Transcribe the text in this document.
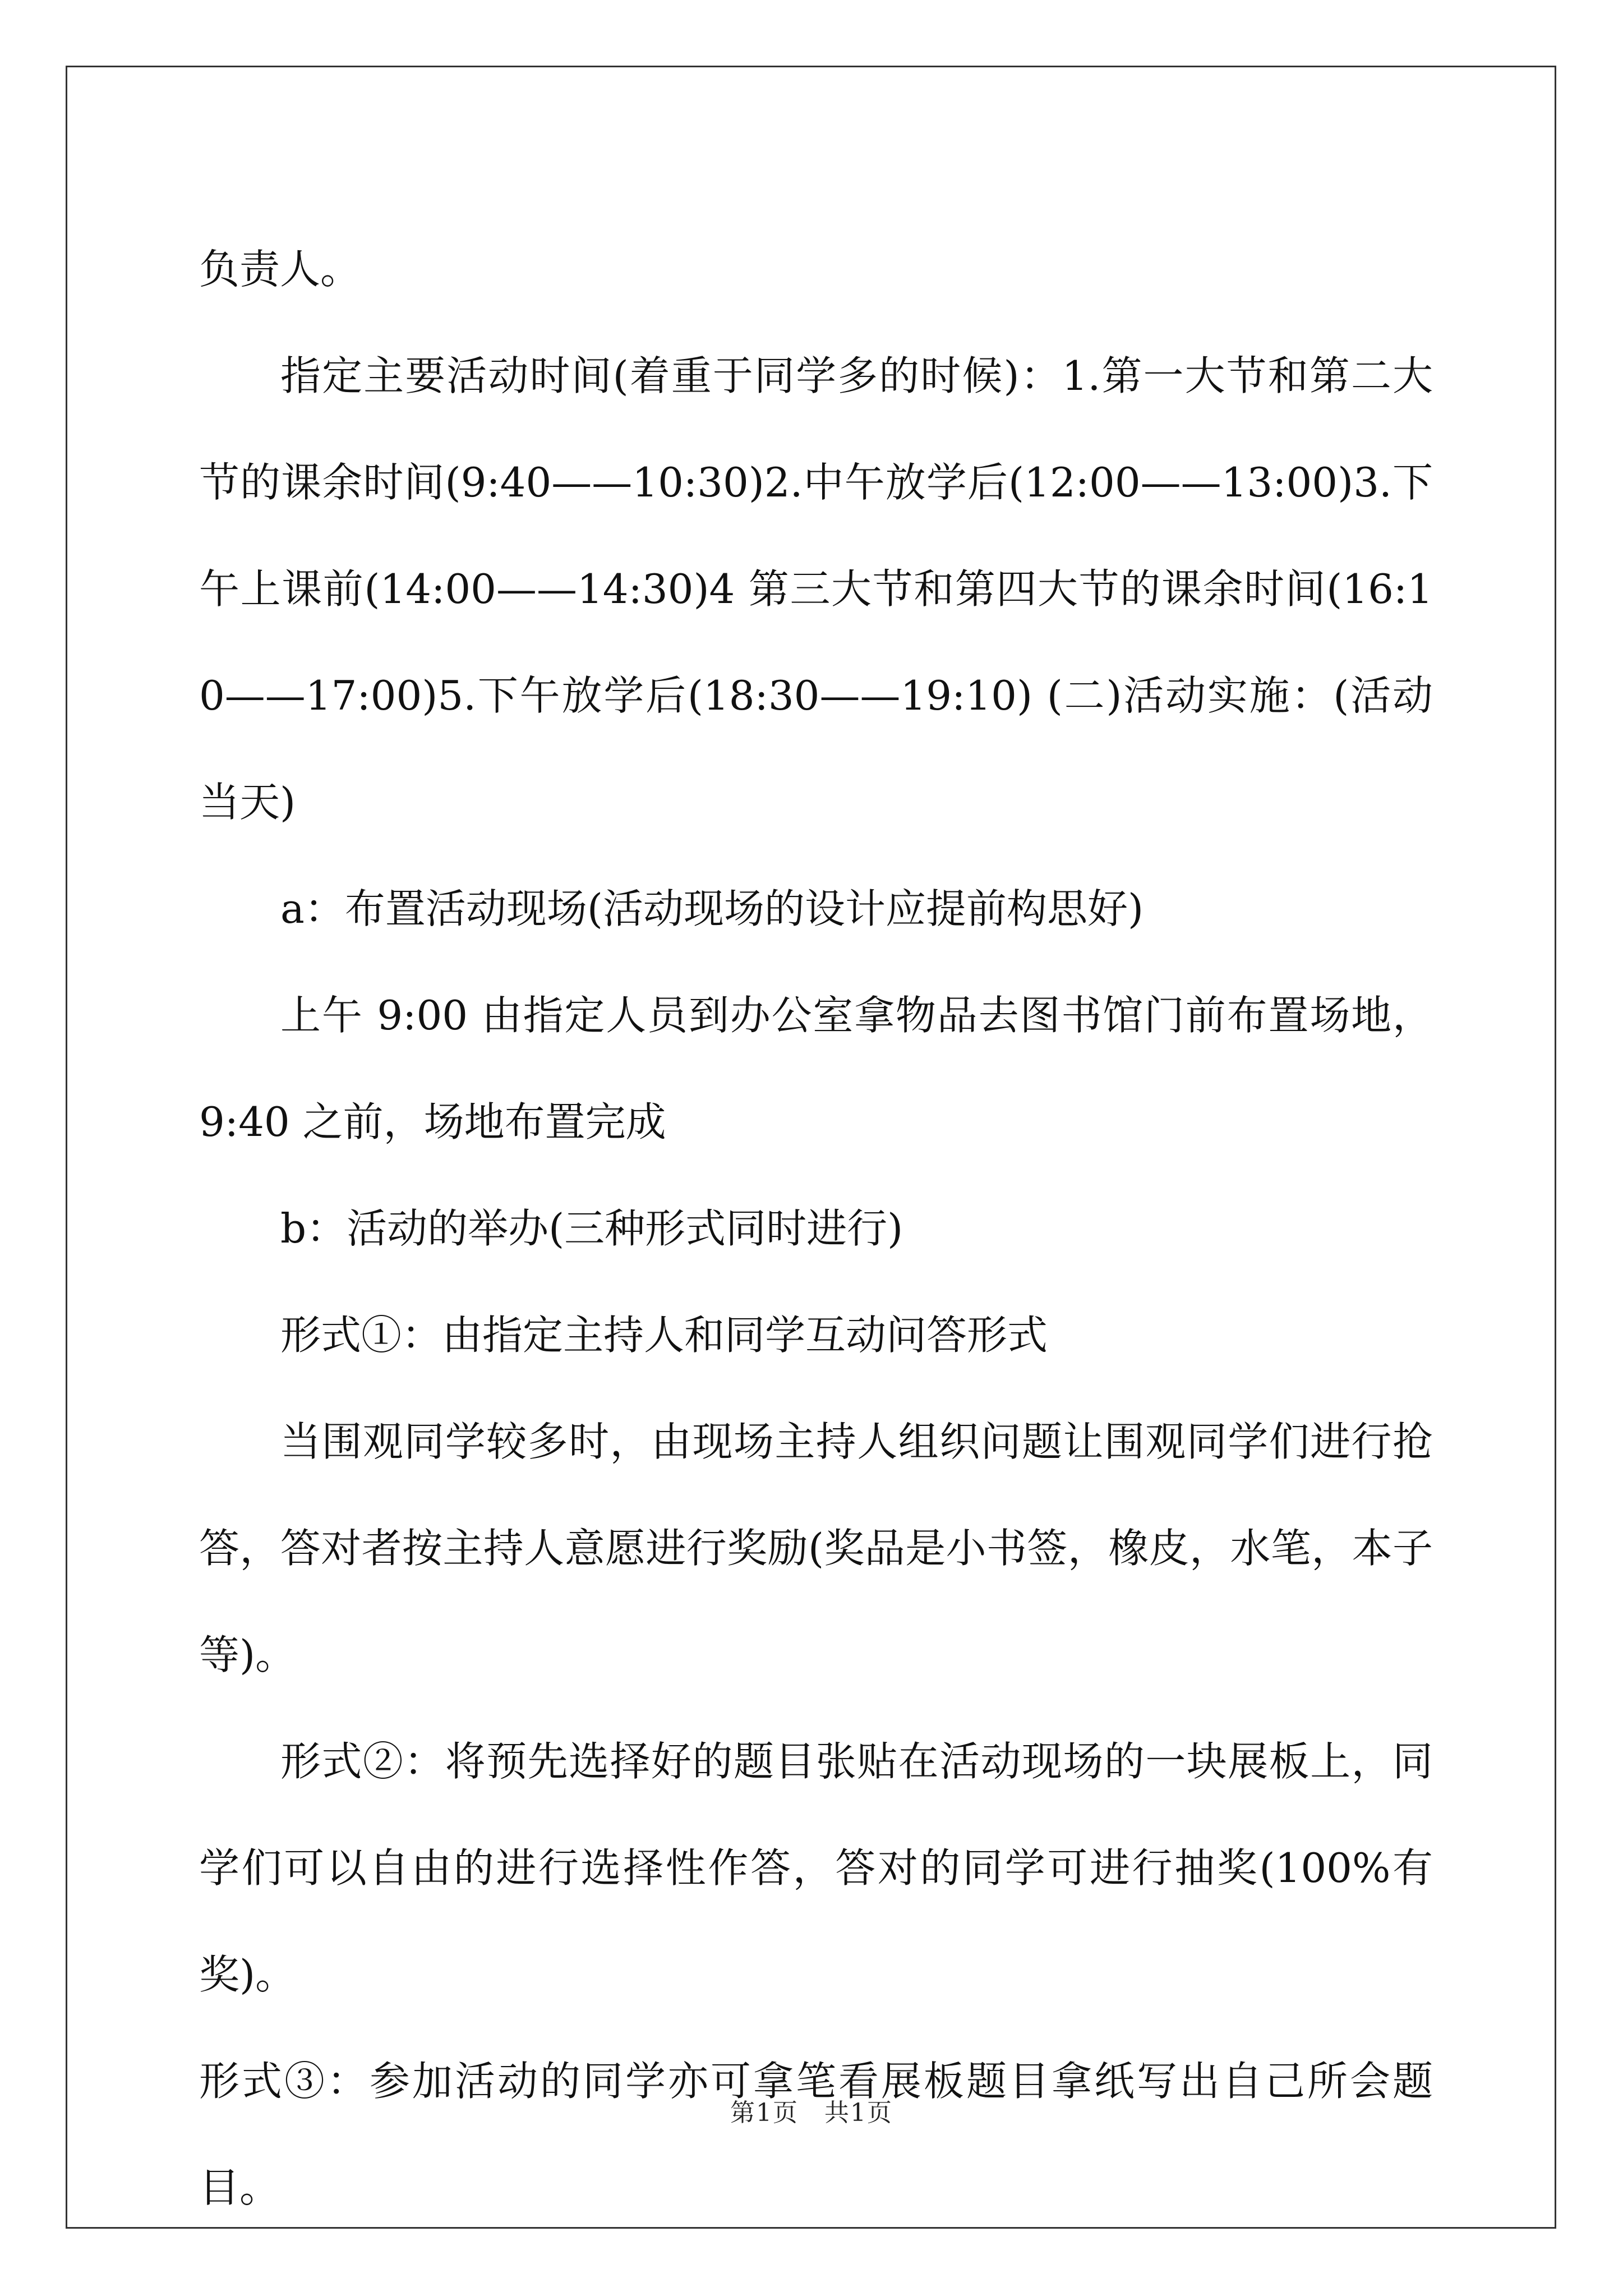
负责人。

指定主要活动时间(着重于同学多的时候)：1.第一大节和第二大节的课余时间(9:40——10:30)2.中午放学后(12:00——13:00)3.下午上课前(14:00——14:30)4 第三大节和第四大节的课余时间(16:10——17:00)5.下午放学后(18:30——19:10) (二)活动实施：(活动当天)

a：布置活动现场(活动现场的设计应提前构思好)

上午 9:00 由指定人员到办公室拿物品去图书馆门前布置场地，9:40 之前，场地布置完成

b：活动的举办(三种形式同时进行)

形式①：由指定主持人和同学互动问答形式

当围观同学较多时，由现场主持人组织问题让围观同学们进行抢答，答对者按主持人意愿进行奖励(奖品是小书签，橡皮，水笔，本子等)。

形式②：将预先选择好的题目张贴在活动现场的一块展板上，同学们可以自由的进行选择性作答，答对的同学可进行抽奖(100%有奖)。

形式③：参加活动的同学亦可拿笔看展板题目拿纸写出自己所会题目。

第1页　共1页
